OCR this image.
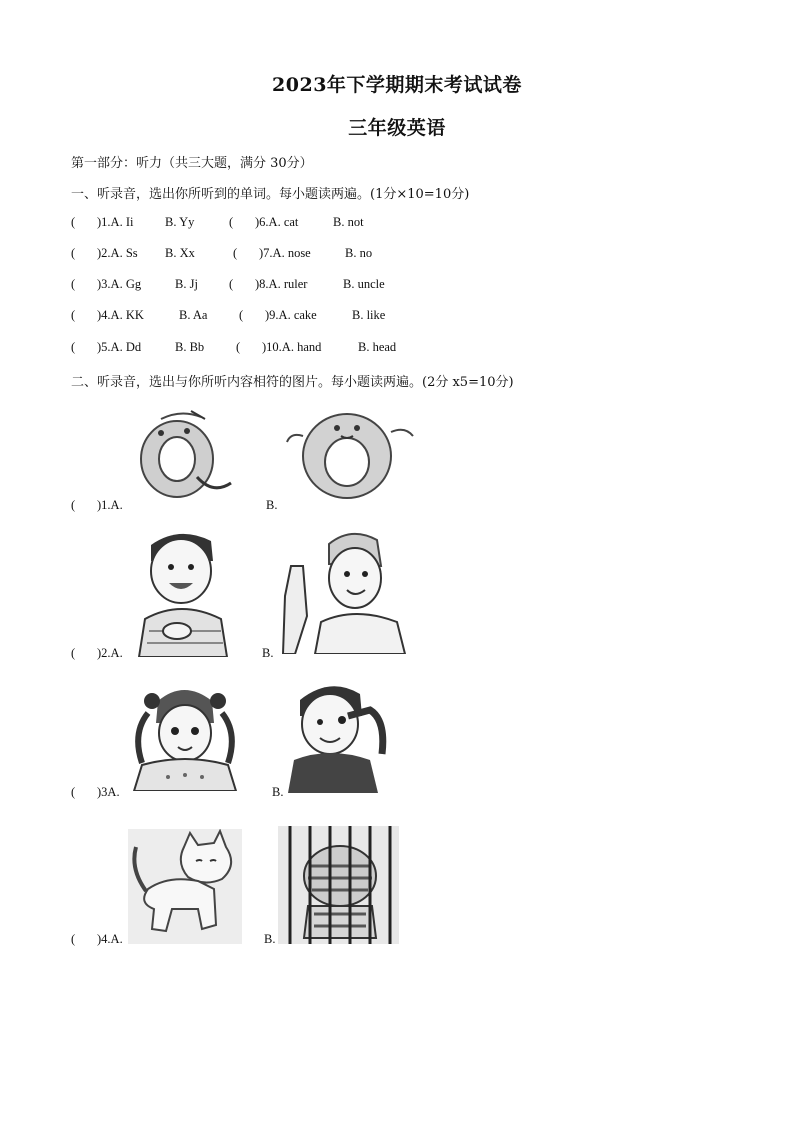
2023年下学期期末考试试卷
三年级英语
第一部分：听力（共三大题，满分 30分）
一、听录音，选出你所听到的单词。每小题读两遍。(1分×10=10分)
( )1.A. Ii	B. Yy	( )6.A. cat	B. not
( )2.A. Ss B. Xx	( )7.A. nose	B. no
( )3.A. Gg	B. Jj ( )8.A. ruler	B. uncle
( )4.A. KK	B. Aa	( )9.A. cake	B. like
( )5.A. Dd	B. Bb	( )10.A. hand	B. head
二、听录音，选出与你所听内容相符的图片。每小题读两遍。(2分 x5=10分)
( )1.A.	B.
( )2.A.	B.
( )3A.	B.
( )4.A.	B.
